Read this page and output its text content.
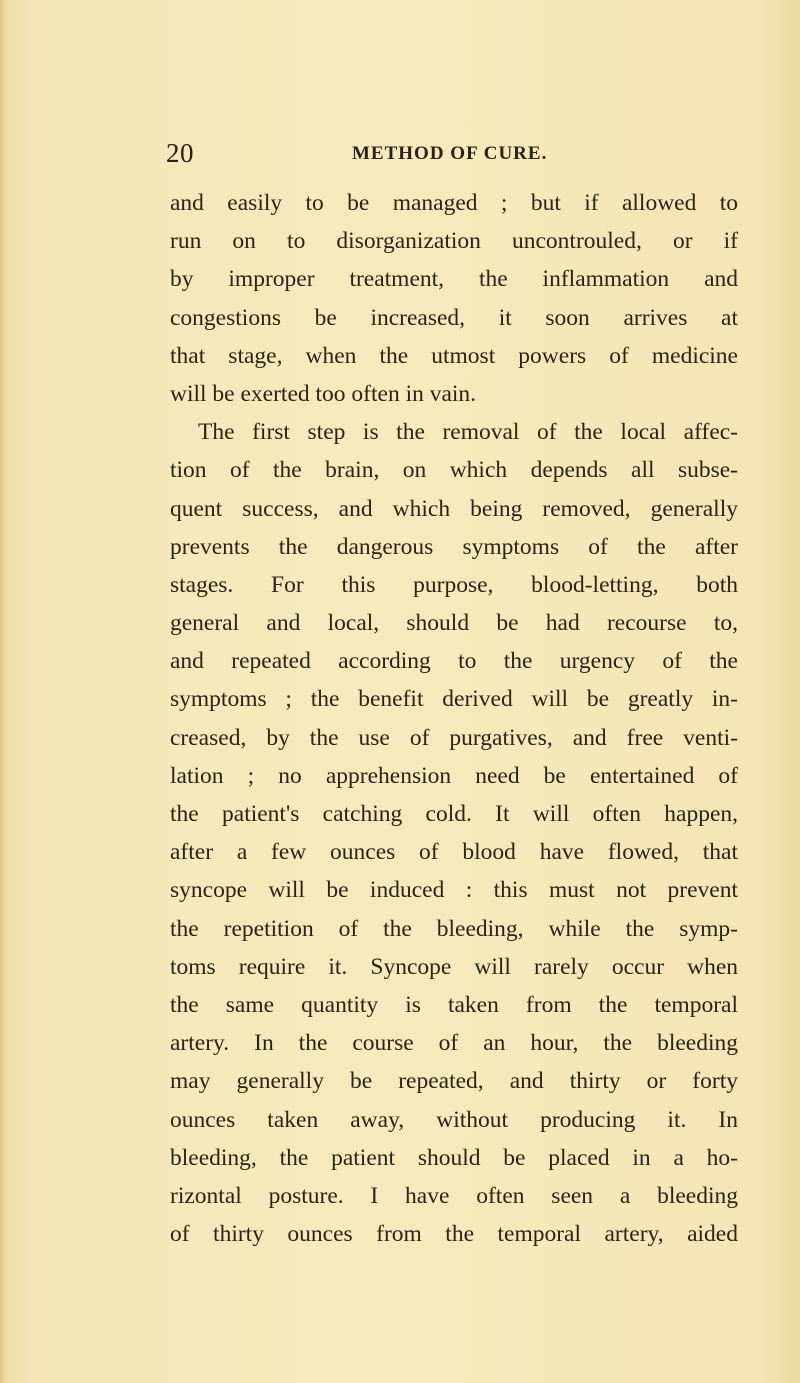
20	METHOD OF CURE.
and easily to be managed ; but if allowed to
run on to disorganization uncontrouled, or if
by improper treatment, the inflammation and
congestions be increased, it soon arrives at
that stage, when the utmost powers of medicine
will be exerted too often in vain.
The first step is the removal of the local affec-
tion of the brain, on which depends all subse-
quent success, and which being removed, generally
prevents the dangerous symptoms of the after
stages. For this purpose, blood-letting, both
general and local, should be had recourse to,
and repeated according to the urgency of the
symptoms ; the benefit derived will be greatly in-
creased, by the use of purgatives, and free venti-
lation ; no apprehension need be entertained of
the patient's catching cold. It will often happen,
after a few ounces of blood have flowed, that
syncope will be induced : this must not prevent
the repetition of the bleeding, while the symp-
toms require it. Syncope will rarely occur when
the same quantity is taken from the temporal
artery. In the course of an hour, the bleeding
may generally be repeated, and thirty or forty
ounces taken away, without producing it. In
bleeding, the patient should be placed in a ho-
rizontal posture. I have often seen a bleeding
of thirty ounces from the temporal artery, aided
